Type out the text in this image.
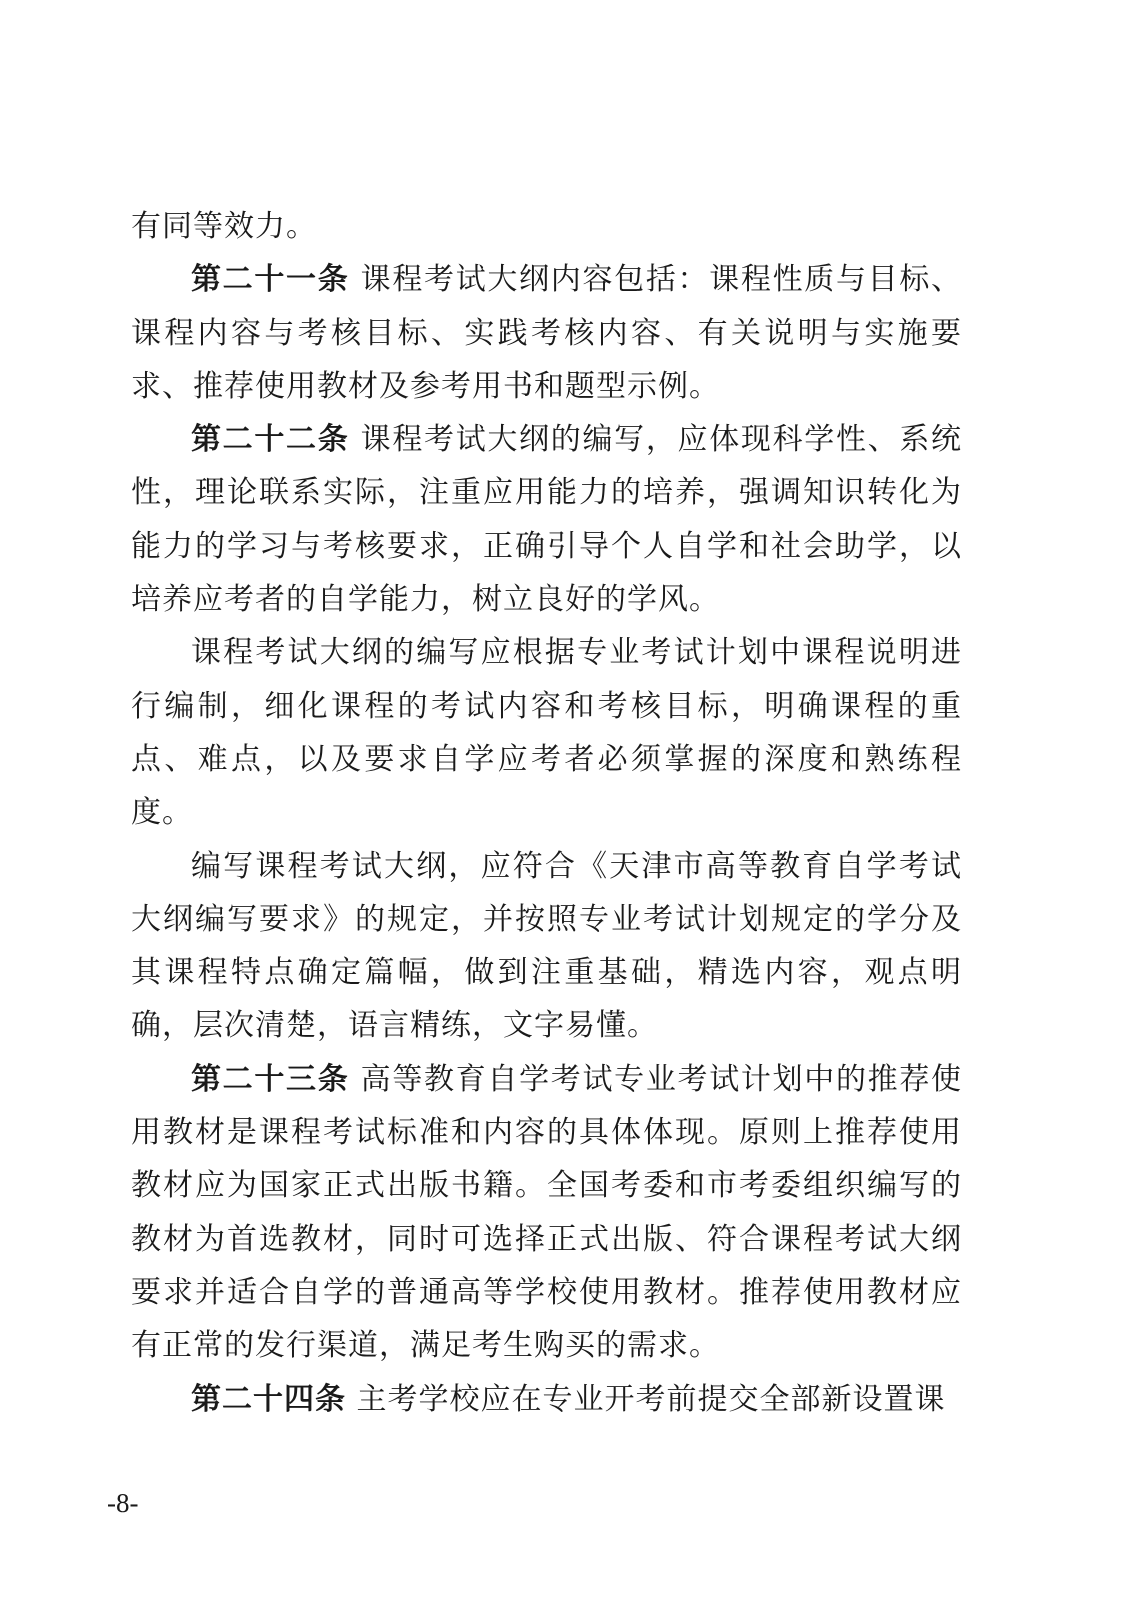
有同等效力。

第二十一条 课程考试大纲内容包括：课程性质与目标、课程内容与考核目标、实践考核内容、有关说明与实施要求、推荐使用教材及参考用书和题型示例。

第二十二条 课程考试大纲的编写，应体现科学性、系统性，理论联系实际，注重应用能力的培养，强调知识转化为能力的学习与考核要求，正确引导个人自学和社会助学，以培养应考者的自学能力，树立良好的学风。

课程考试大纲的编写应根据专业考试计划中课程说明进行编制，细化课程的考试内容和考核目标，明确课程的重点、难点，以及要求自学应考者必须掌握的深度和熟练程度。

编写课程考试大纲，应符合《天津市高等教育自学考试大纲编写要求》的规定，并按照专业考试计划规定的学分及其课程特点确定篇幅，做到注重基础，精选内容，观点明确，层次清楚，语言精练，文字易懂。

第二十三条 高等教育自学考试专业考试计划中的推荐使用教材是课程考试标准和内容的具体体现。原则上推荐使用教材应为国家正式出版书籍。全国考委和市考委组织编写的教材为首选教材，同时可选择正式出版、符合课程考试大纲要求并适合自学的普通高等学校使用教材。推荐使用教材应有正常的发行渠道，满足考生购买的需求。

第二十四条 主考学校应在专业开考前提交全部新设置课

-8-
